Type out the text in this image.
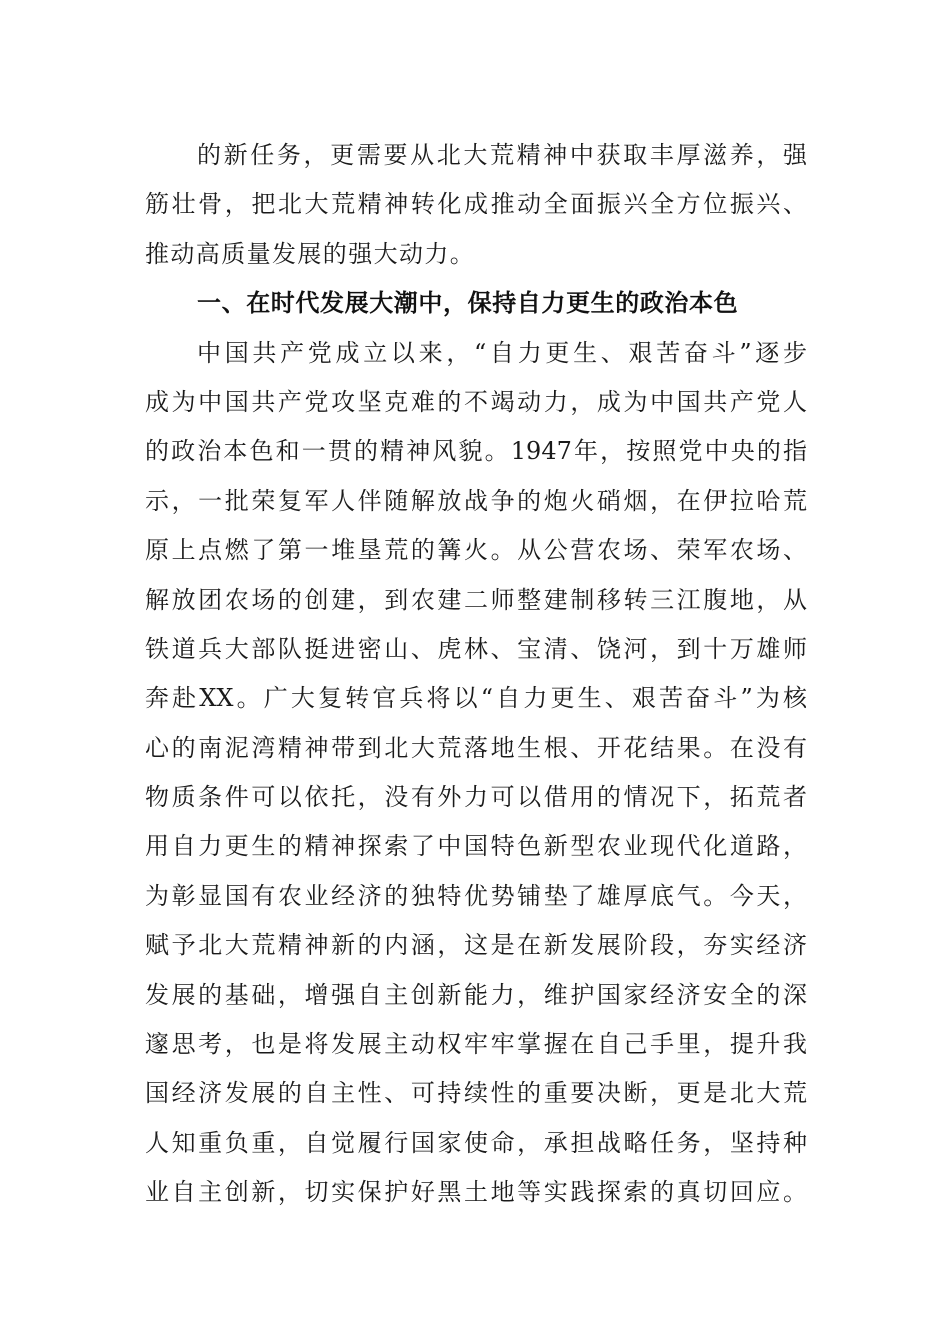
的新任务，更需要从北大荒精神中获取丰厚滋养，强
筋壮骨，把北大荒精神转化成推动全面振兴全方位振兴、
推动高质量发展的强大动力。
一、在时代发展大潮中，保持自力更生的政治本色
中国共产党成立以来，“自力更生、艰苦奋斗”逐步
成为中国共产党攻坚克难的不竭动力，成为中国共产党人
的政治本色和一贯的精神风貌。1947年，按照党中央的指
示，一批荣复军人伴随解放战争的炮火硝烟，在伊拉哈荒
原上点燃了第一堆垦荒的篝火。从公营农场、荣军农场、
解放团农场的创建，到农建二师整建制移转三江腹地，从
铁道兵大部队挺进密山、虎林、宝清、饶河，到十万雄师
奔赴XX。广大复转官兵将以“自力更生、艰苦奋斗”为核
心的南泥湾精神带到北大荒落地生根、开花结果。在没有
物质条件可以依托，没有外力可以借用的情况下，拓荒者
用自力更生的精神探索了中国特色新型农业现代化道路，
为彰显国有农业经济的独特优势铺垫了雄厚底气。今天，
赋予北大荒精神新的内涵，这是在新发展阶段，夯实经济
发展的基础，增强自主创新能力，维护国家经济安全的深
邃思考，也是将发展主动权牢牢掌握在自己手里，提升我
国经济发展的自主性、可持续性的重要决断，更是北大荒
人知重负重，自觉履行国家使命，承担战略任务，坚持种
业自主创新，切实保护好黑土地等实践探索的真切回应。
